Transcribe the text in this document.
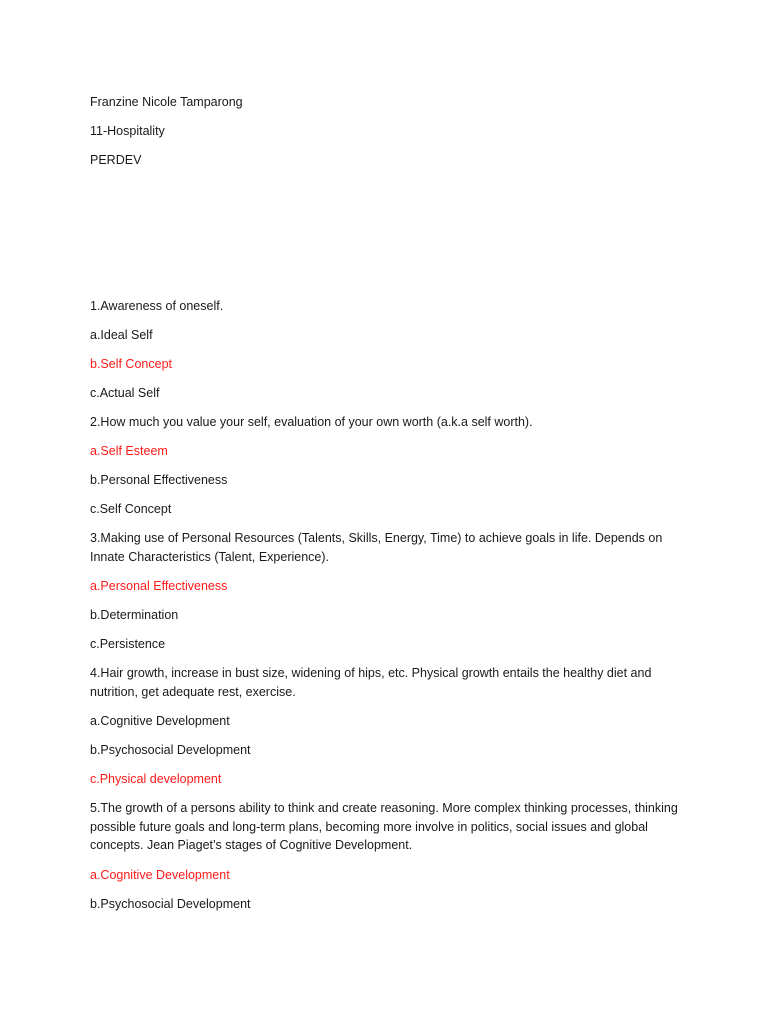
Franzine Nicole Tamparong
11-Hospitality
PERDEV
1.Awareness of oneself.
a.Ideal Self
b.Self Concept
c.Actual Self
2.How much you value your self, evaluation of your own worth (a.k.a self worth).
a.Self Esteem
b.Personal Effectiveness
c.Self Concept
3.Making use of Personal Resources (Talents, Skills, Energy, Time) to achieve goals in life. Depends on Innate Characteristics (Talent, Experience).
a.Personal Effectiveness
b.Determination
c.Persistence
4.Hair growth, increase in bust size, widening of hips, etc. Physical growth entails the healthy diet and nutrition, get adequate rest, exercise.
a.Cognitive Development
b.Psychosocial Development
c.Physical development
5.The growth of a persons ability to think and create reasoning. More complex thinking processes, thinking possible future goals and long-term plans, becoming more involve in politics, social issues and global concepts. Jean Piaget’s stages of Cognitive Development.
a.Cognitive Development
b.Psychosocial Development
